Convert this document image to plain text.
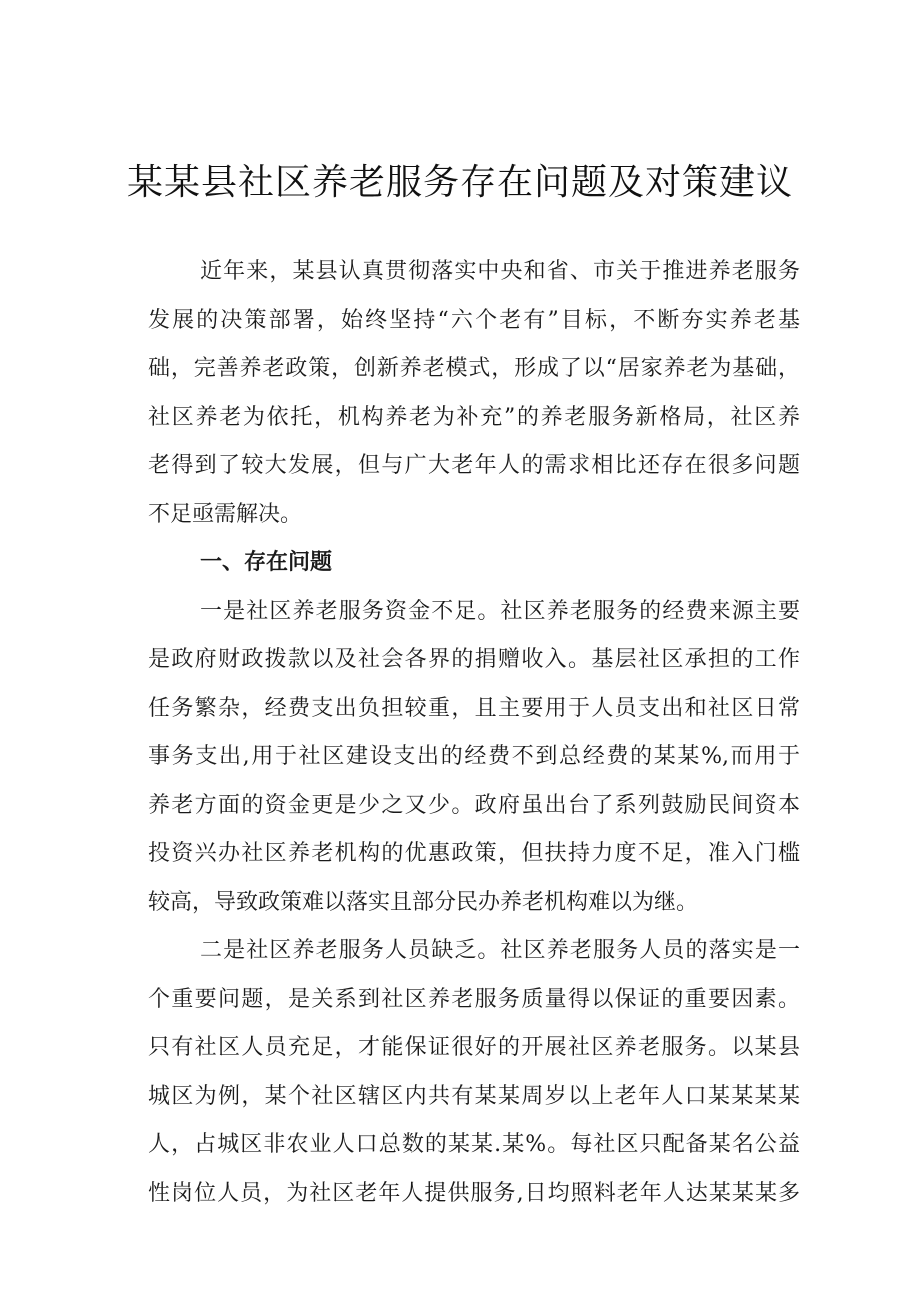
某某县社区养老服务存在问题及对策建议
近年来，某县认真贯彻落实中央和省、市关于推进养老服务
发展的决策部署，始终坚持“六个老有”目标，不断夯实养老基
础，完善养老政策，创新养老模式，形成了以“居家养老为基础，
社区养老为依托，机构养老为补充”的养老服务新格局，社区养
老得到了较大发展，但与广大老年人的需求相比还存在很多问题
不足亟需解决。
一、存在问题
一是社区养老服务资金不足。社区养老服务的经费来源主要
是政府财政拨款以及社会各界的捐赠收入。基层社区承担的工作
任务繁杂，经费支出负担较重，且主要用于人员支出和社区日常
事务支出,用于社区建设支出的经费不到总经费的某某%,而用于
养老方面的资金更是少之又少。政府虽出台了系列鼓励民间资本
投资兴办社区养老机构的优惠政策，但扶持力度不足，准入门槛
较高，导致政策难以落实且部分民办养老机构难以为继。
二是社区养老服务人员缺乏。社区养老服务人员的落实是一
个重要问题，是关系到社区养老服务质量得以保证的重要因素。
只有社区人员充足，才能保证很好的开展社区养老服务。以某县
城区为例，某个社区辖区内共有某某周岁以上老年人口某某某某
人，占城区非农业人口总数的某某.某%。每社区只配备某名公益
性岗位人员，为社区老年人提供服务,日均照料老年人达某某某多
